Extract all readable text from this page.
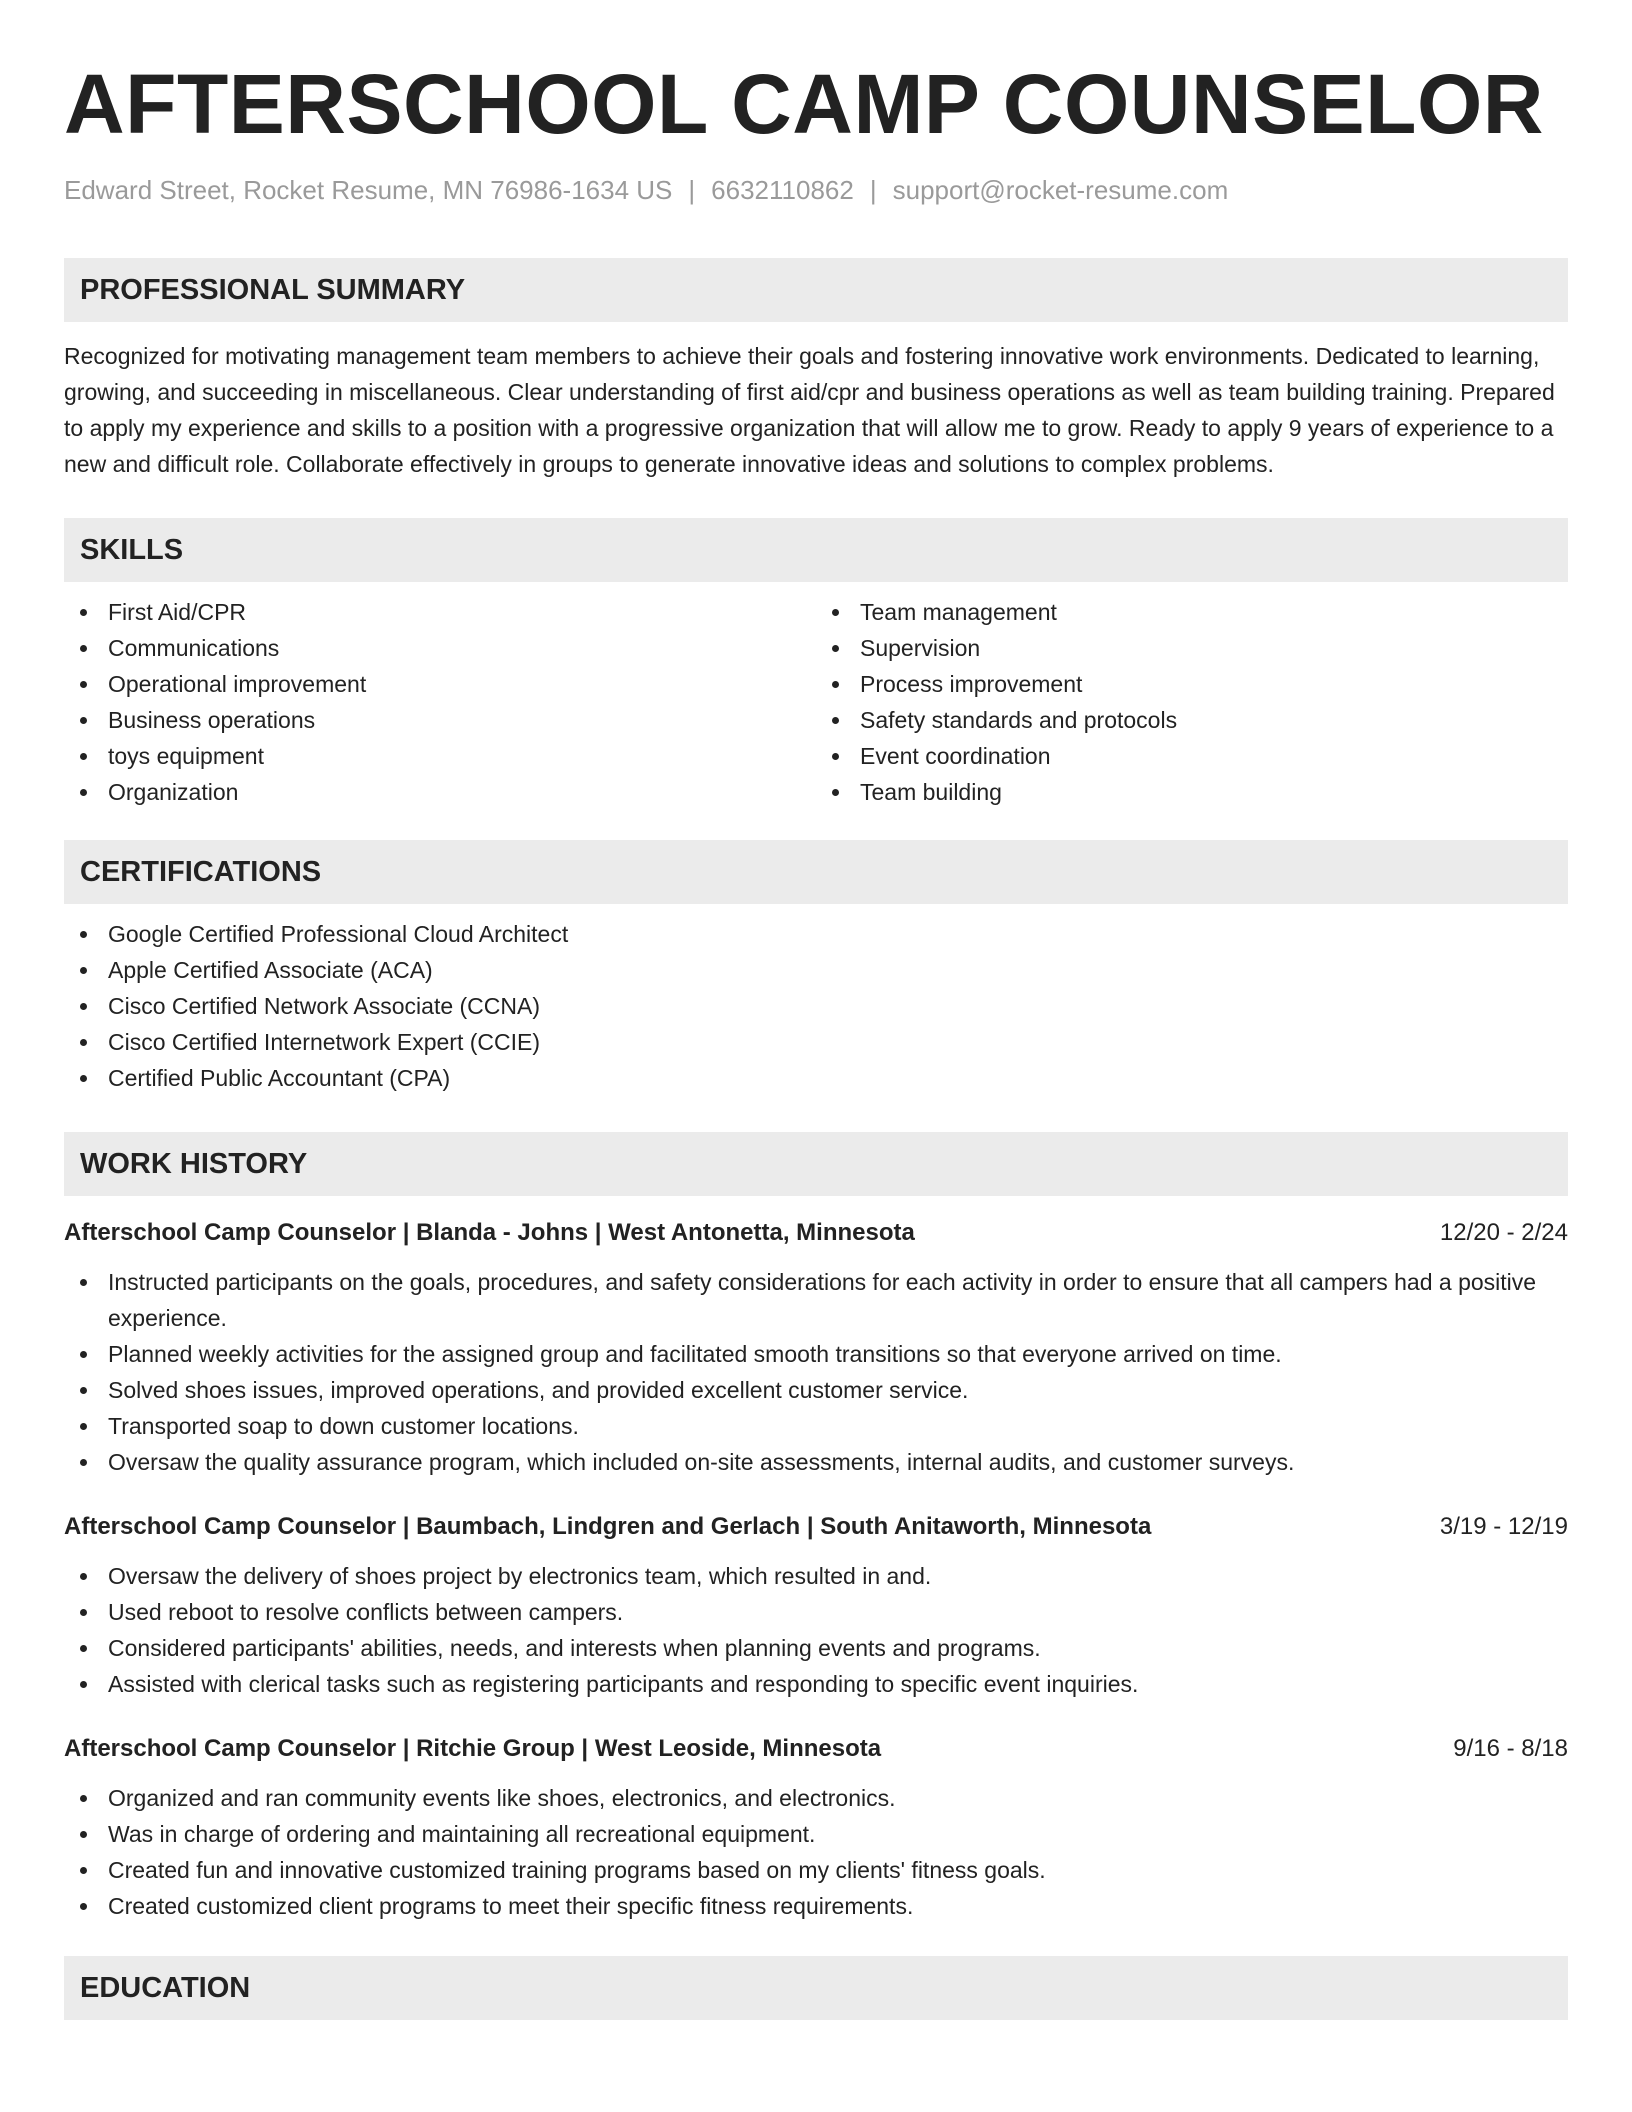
AFTERSCHOOL CAMP COUNSELOR
Edward Street, Rocket Resume, MN 76986-1634 US | 6632110862 | support@rocket-resume.com
PROFESSIONAL SUMMARY
Recognized for motivating management team members to achieve their goals and fostering innovative work environments. Dedicated to learning, growing, and succeeding in miscellaneous. Clear understanding of first aid/cpr and business operations as well as team building training. Prepared to apply my experience and skills to a position with a progressive organization that will allow me to grow. Ready to apply 9 years of experience to a new and difficult role. Collaborate effectively in groups to generate innovative ideas and solutions to complex problems.
SKILLS
First Aid/CPR
Communications
Operational improvement
Business operations
toys equipment
Organization
Team management
Supervision
Process improvement
Safety standards and protocols
Event coordination
Team building
CERTIFICATIONS
Google Certified Professional Cloud Architect
Apple Certified Associate (ACA)
Cisco Certified Network Associate (CCNA)
Cisco Certified Internetwork Expert (CCIE)
Certified Public Accountant (CPA)
WORK HISTORY
Afterschool Camp Counselor | Blanda - Johns | West Antonetta, Minnesota	12/20 - 2/24
Instructed participants on the goals, procedures, and safety considerations for each activity in order to ensure that all campers had a positive experience.
Planned weekly activities for the assigned group and facilitated smooth transitions so that everyone arrived on time.
Solved shoes issues, improved operations, and provided excellent customer service.
Transported soap to down customer locations.
Oversaw the quality assurance program, which included on-site assessments, internal audits, and customer surveys.
Afterschool Camp Counselor | Baumbach, Lindgren and Gerlach | South Anitaworth, Minnesota	3/19 - 12/19
Oversaw the delivery of shoes project by electronics team, which resulted in and.
Used reboot to resolve conflicts between campers.
Considered participants' abilities, needs, and interests when planning events and programs.
Assisted with clerical tasks such as registering participants and responding to specific event inquiries.
Afterschool Camp Counselor | Ritchie Group | West Leoside, Minnesota	9/16 - 8/18
Organized and ran community events like shoes, electronics, and electronics.
Was in charge of ordering and maintaining all recreational equipment.
Created fun and innovative customized training programs based on my clients' fitness goals.
Created customized client programs to meet their specific fitness requirements.
EDUCATION
